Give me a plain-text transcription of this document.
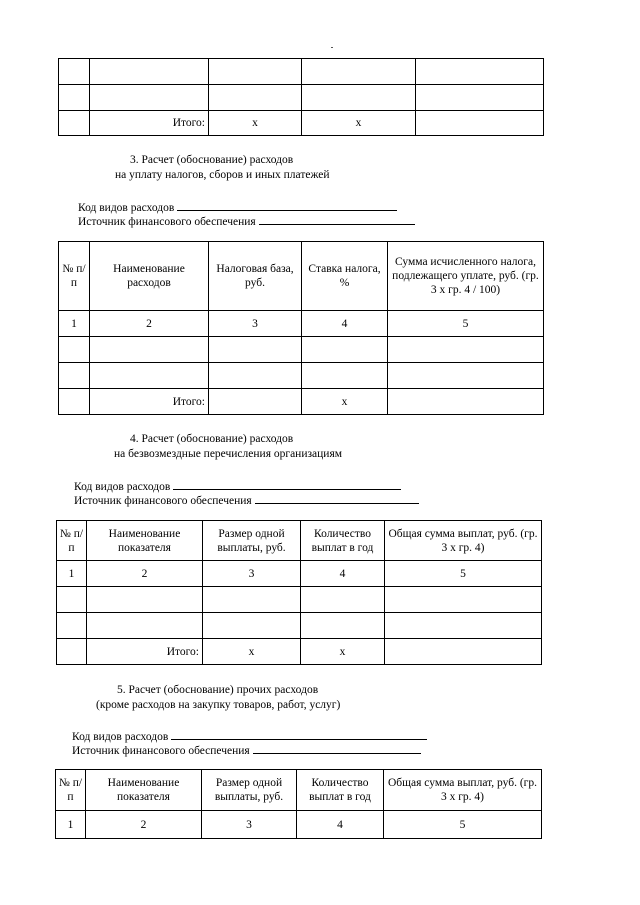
	Итого:	x	x	
3. Расчет (обоснование) расходов
на уплату налогов, сборов и иных платежей
Код видов расходов
Источник финансового обеспечения
№ п/п	Наименование расходов	Налоговая база, руб.	Ставка налога, %	Сумма исчисленного налога, подлежащего уплате, руб. (гр. 3 х гр. 4 / 100)
1	2	3	4	5

	Итого:		x	
4. Расчет (обоснование) расходов
на безвозмездные перечисления организациям
Код видов расходов
Источник финансового обеспечения
№ п/п	Наименование показателя	Размер одной выплаты, руб.	Количество выплат в год	Общая сумма выплат, руб. (гр. 3 х гр. 4)
1	2	3	4	5

	Итого:	x	x	
5. Расчет (обоснование) прочих расходов
(кроме расходов на закупку товаров, работ, услуг)
Код видов расходов
Источник финансового обеспечения
№ п/п	Наименование показателя	Размер одной выплаты, руб.	Количество выплат в год	Общая сумма выплат, руб. (гр. 3 х гр. 4)
1	2	3	4	5
